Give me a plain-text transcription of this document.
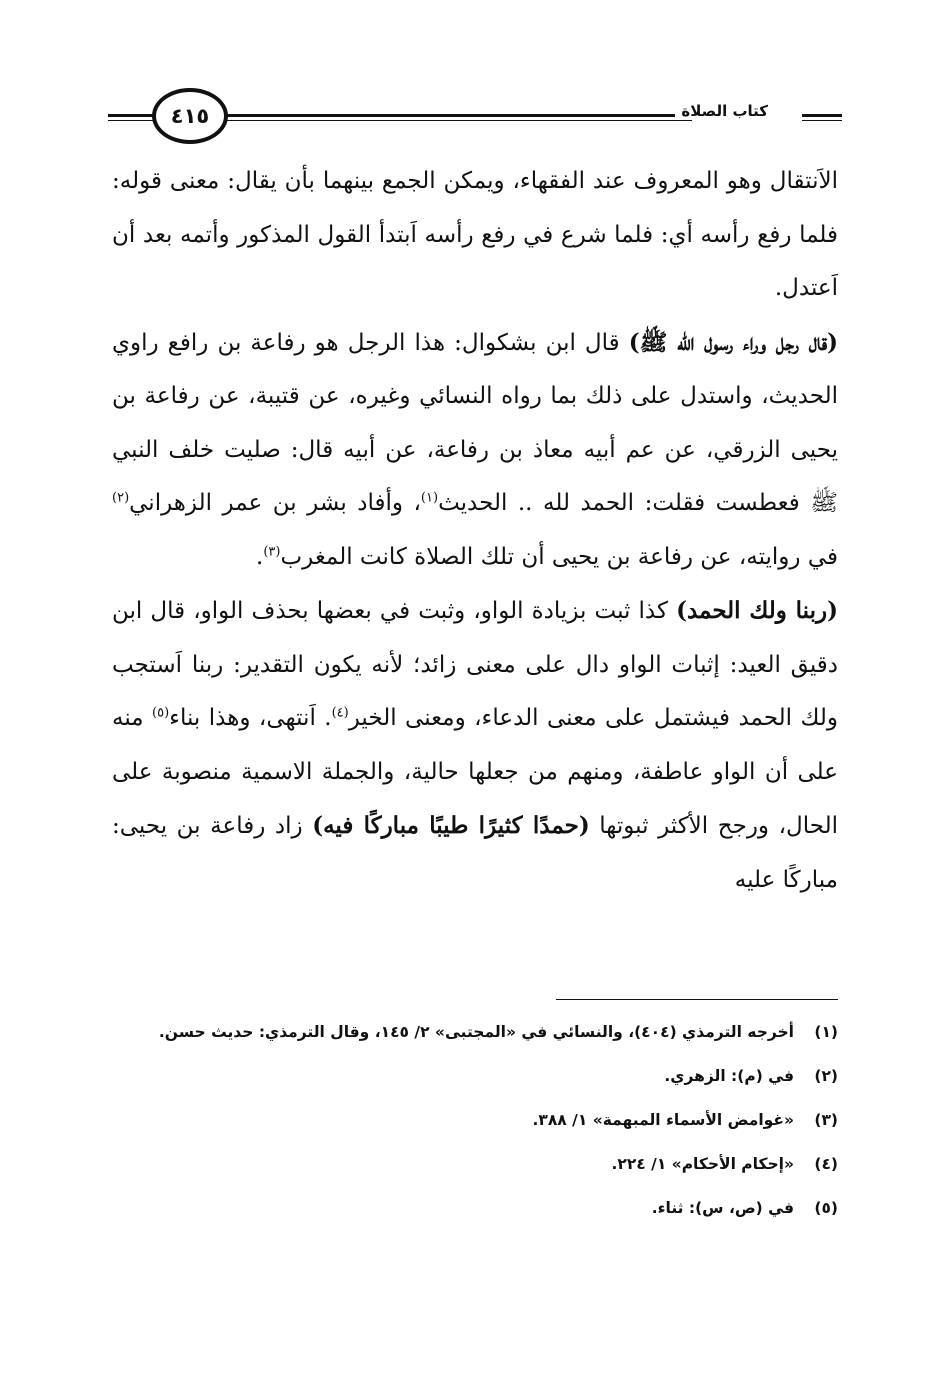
٤١٥	كتاب الصلاة

الاَنتقال وهو المعروف عند الفقهاء، ويمكن الجمع بينهما بأن يقال: معنى قوله: فلما رفع رأسه أي: فلما شرع في رفع رأسه اَبتدأ القول المذكور وأتمه بعد أن اَعتدل.

(قال رجل وراء رسول الله ﷺ) قال ابن بشكوال: هذا الرجل هو رفاعة بن رافع راوي الحديث، واستدل على ذلك بما رواه النسائي وغيره، عن قتيبة، عن رفاعة بن يحيى الزرقي، عن عم أبيه معاذ بن رفاعة، عن أبيه قال: صليت خلف النبي ﷺ فعطست فقلت: الحمد لله .. الحديث$^{(١)}$، وأفاد بشر بن عمر الزهراني$^{(٢)}$ في روايته، عن رفاعة بن يحيى أن تلك الصلاة كانت المغرب$^{(٣)}$.

(ربنا ولك الحمد) كذا ثبت بزيادة الواو، وثبت في بعضها بحذف الواو، قال ابن دقيق العيد: إثبات الواو دال على معنى زائد؛ لأنه يكون التقدير: ربنا اَستجب ولك الحمد فيشتمل على معنى الدعاء، ومعنى الخير$^{(٤)}$. اَنتهى، وهذا بناء$^{(٥)}$ منه على أن الواو عاطفة، ومنهم من جعلها حالية، والجملة الاسمية منصوبة على الحال، ورجح الأكثر ثبوتها (حمدًا كثيرًا طيبًا مباركًا فيه) زاد رفاعة بن يحيى: مباركًا عليه

(١)
أخرجه الترمذي (٤٠٤)، والنسائي في «المجتبى» ٢/ ١٤٥، وقال الترمذي: حديث حسن.
(٢)
في (م): الزهري.
(٣)
«غوامض الأسماء المبهمة» ١/ ٣٨٨.
(٤)
«إحكام الأحكام» ١/ ٢٢٤.
(٥)
في (ص، س): ثناء.
